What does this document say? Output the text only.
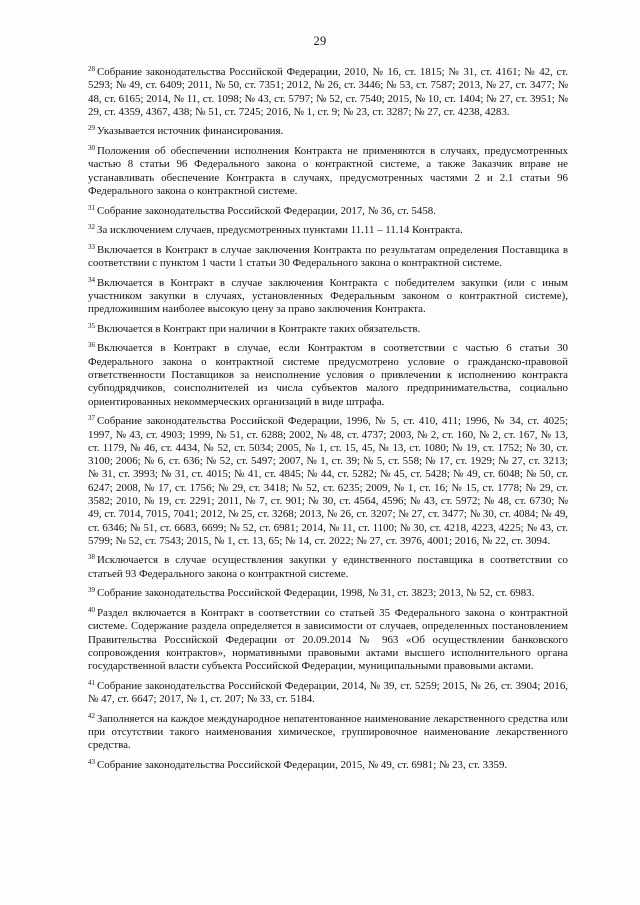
29

$^{28}$ Собрание законодательства Российской Федерации, 2010, № 16, ст. 1815; № 31, ст. 4161; № 42, ст. 5293; № 49, ст. 6409; 2011, № 50, ст. 7351; 2012, № 26, ст. 3446; № 53, ст. 7587; 2013, № 27, ст. 3477; № 48, ст. 6165; 2014, № 11, ст. 1098; № 43, ст. 5797; № 52, ст. 7540; 2015, № 10, ст. 1404; № 27, ст. 3951; № 29, ст. 4359, 4367, 438; № 51, ст. 7245; 2016, № 1, ст. 9; № 23, ст. 3287; № 27, ст. 4238, 4283.

$^{29}$ Указывается источник финансирования.

$^{30}$ Положения об обеспечении исполнения Контракта не применяются в случаях, предусмотренных частью 8 статьи 96 Федерального закона о контрактной системе, а также Заказчик вправе не устанавливать обеспечение Контракта в случаях, предусмотренных частями 2 и 2.1 статьи 96 Федерального закона о контрактной системе.

$^{31}$ Собрание законодательства Российской Федерации, 2017, № 36, ст. 5458.

$^{32}$ За исключением случаев, предусмотренных пунктами 11.11 – 11.14 Контракта.

$^{33}$ Включается в Контракт в случае заключения Контракта по результатам определения Поставщика в соответствии с пунктом 1 части 1 статьи 30 Федерального закона о контрактной системе.

$^{34}$ Включается в Контракт в случае заключения Контракта с победителем закупки (или с иным участником закупки в случаях, установленных Федеральным законом о контрактной системе), предложившим наиболее высокую цену за право заключения Контракта.

$^{35}$ Включается в Контракт при наличии в Контракте таких обязательств.

$^{36}$ Включается в Контракт в случае, если Контрактом в соответствии с частью 6 статьи 30 Федерального закона о контрактной системе предусмотрено условие о гражданско-правовой ответственности Поставщиков за неисполнение условия о привлечении к исполнению контракта субподрядчиков, соисполнителей из числа субъектов малого предпринимательства, социально ориентированных некоммерческих организаций в виде штрафа.

$^{37}$ Собрание законодательства Российской Федерации, 1996, № 5, ст. 410, 411; 1996, № 34, ст. 4025; 1997, № 43, ст. 4903; 1999, № 51, ст. 6288; 2002, № 48, ст. 4737; 2003, № 2, ст. 160, № 2, ст. 167, № 13, ст. 1179, № 46, ст. 4434, № 52, ст. 5034; 2005, № 1, ст. 15, 45, № 13, ст. 1080; № 19, ст. 1752; № 30, ст. 3100; 2006; № 6, ст. 636; № 52, ст. 5497; 2007, № 1, ст. 39; № 5, ст. 558; № 17, ст. 1929; № 27, ст. 3213; № 31, ст. 3993; № 31, ст. 4015; № 41, ст. 4845; № 44, ст. 5282; № 45, ст. 5428; № 49, ст. 6048; № 50, ст. 6247; 2008, № 17, ст. 1756; № 29, ст. 3418; № 52, ст. 6235; 2009, № 1, ст. 16; № 15, ст. 1778; № 29, ст. 3582; 2010, № 19, ст. 2291; 2011, № 7, ст. 901; № 30, ст. 4564, 4596; № 43, ст. 5972; № 48, ст. 6730; № 49, ст. 7014, 7015, 7041; 2012, № 25, ст. 3268; 2013, № 26, ст. 3207; № 27, ст. 3477; № 30, ст. 4084; № 49, ст. 6346; № 51, ст. 6683, 6699; № 52, ст. 6981; 2014, № 11, ст. 1100; № 30, ст. 4218, 4223, 4225; № 43, ст. 5799; № 52, ст. 7543; 2015, № 1, ст. 13, 65; № 14, ст. 2022; № 27, ст. 3976, 4001; 2016, № 22, ст. 3094.

$^{38}$ Исключается в случае осуществления закупки у единственного поставщика в соответствии со статьей 93 Федерального закона о контрактной системе.

$^{39}$ Собрание законодательства Российской Федерации, 1998, № 31, ст. 3823; 2013, № 52, ст. 6983.

$^{40}$ Раздел включается в Контракт в соответствии со статьей 35 Федерального закона о контрактной системе. Содержание раздела определяется в зависимости от случаев, определенных постановлением Правительства Российской Федерации от 20.09.2014 № 963 «Об осуществлении банковского сопровождения контрактов», нормативными правовыми актами высшего исполнительного органа государственной власти субъекта Российской Федерации, муниципальными правовыми актами.

$^{41}$ Собрание законодательства Российской Федерации, 2014, № 39, ст. 5259; 2015, № 26, ст. 3904; 2016, № 47, ст. 6647; 2017, № 1, ст. 207; № 33, ст. 5184.

$^{42}$ Заполняется на каждое международное непатентованное наименование лекарственного средства или при отсутствии такого наименования химическое, группировочное наименование лекарственного средства.

$^{43}$ Собрание законодательства Российской Федерации, 2015, № 49, ст. 6981; № 23, ст. 3359.
